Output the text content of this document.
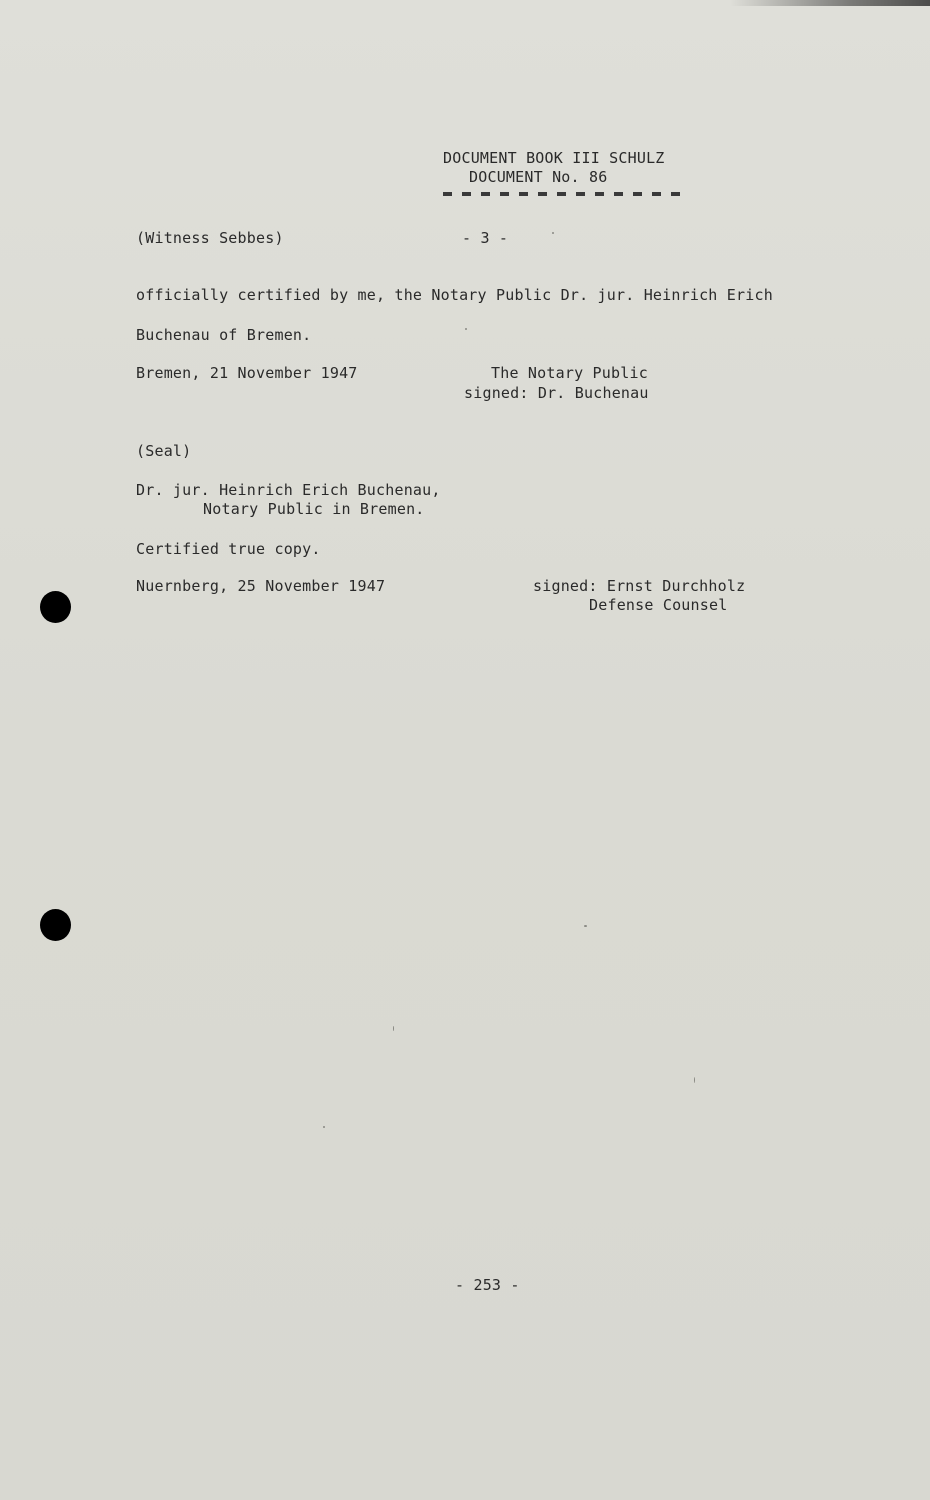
DOCUMENT BOOK III SCHULZ
DOCUMENT No. 86
(Witness Sebbes)	- 3 -
officially certified by me, the Notary Public Dr. jur. Heinrich Erich
Buchenau of Bremen.
Bremen, 21 November 1947	The Notary Public
signed: Dr. Buchenau
(Seal)
Dr. jur. Heinrich Erich Buchenau,
Notary Public in Bremen.
Certified true copy.
Nuernberg, 25 November 1947	signed: Ernst Durchholz
Defense Counsel
- 253 -
